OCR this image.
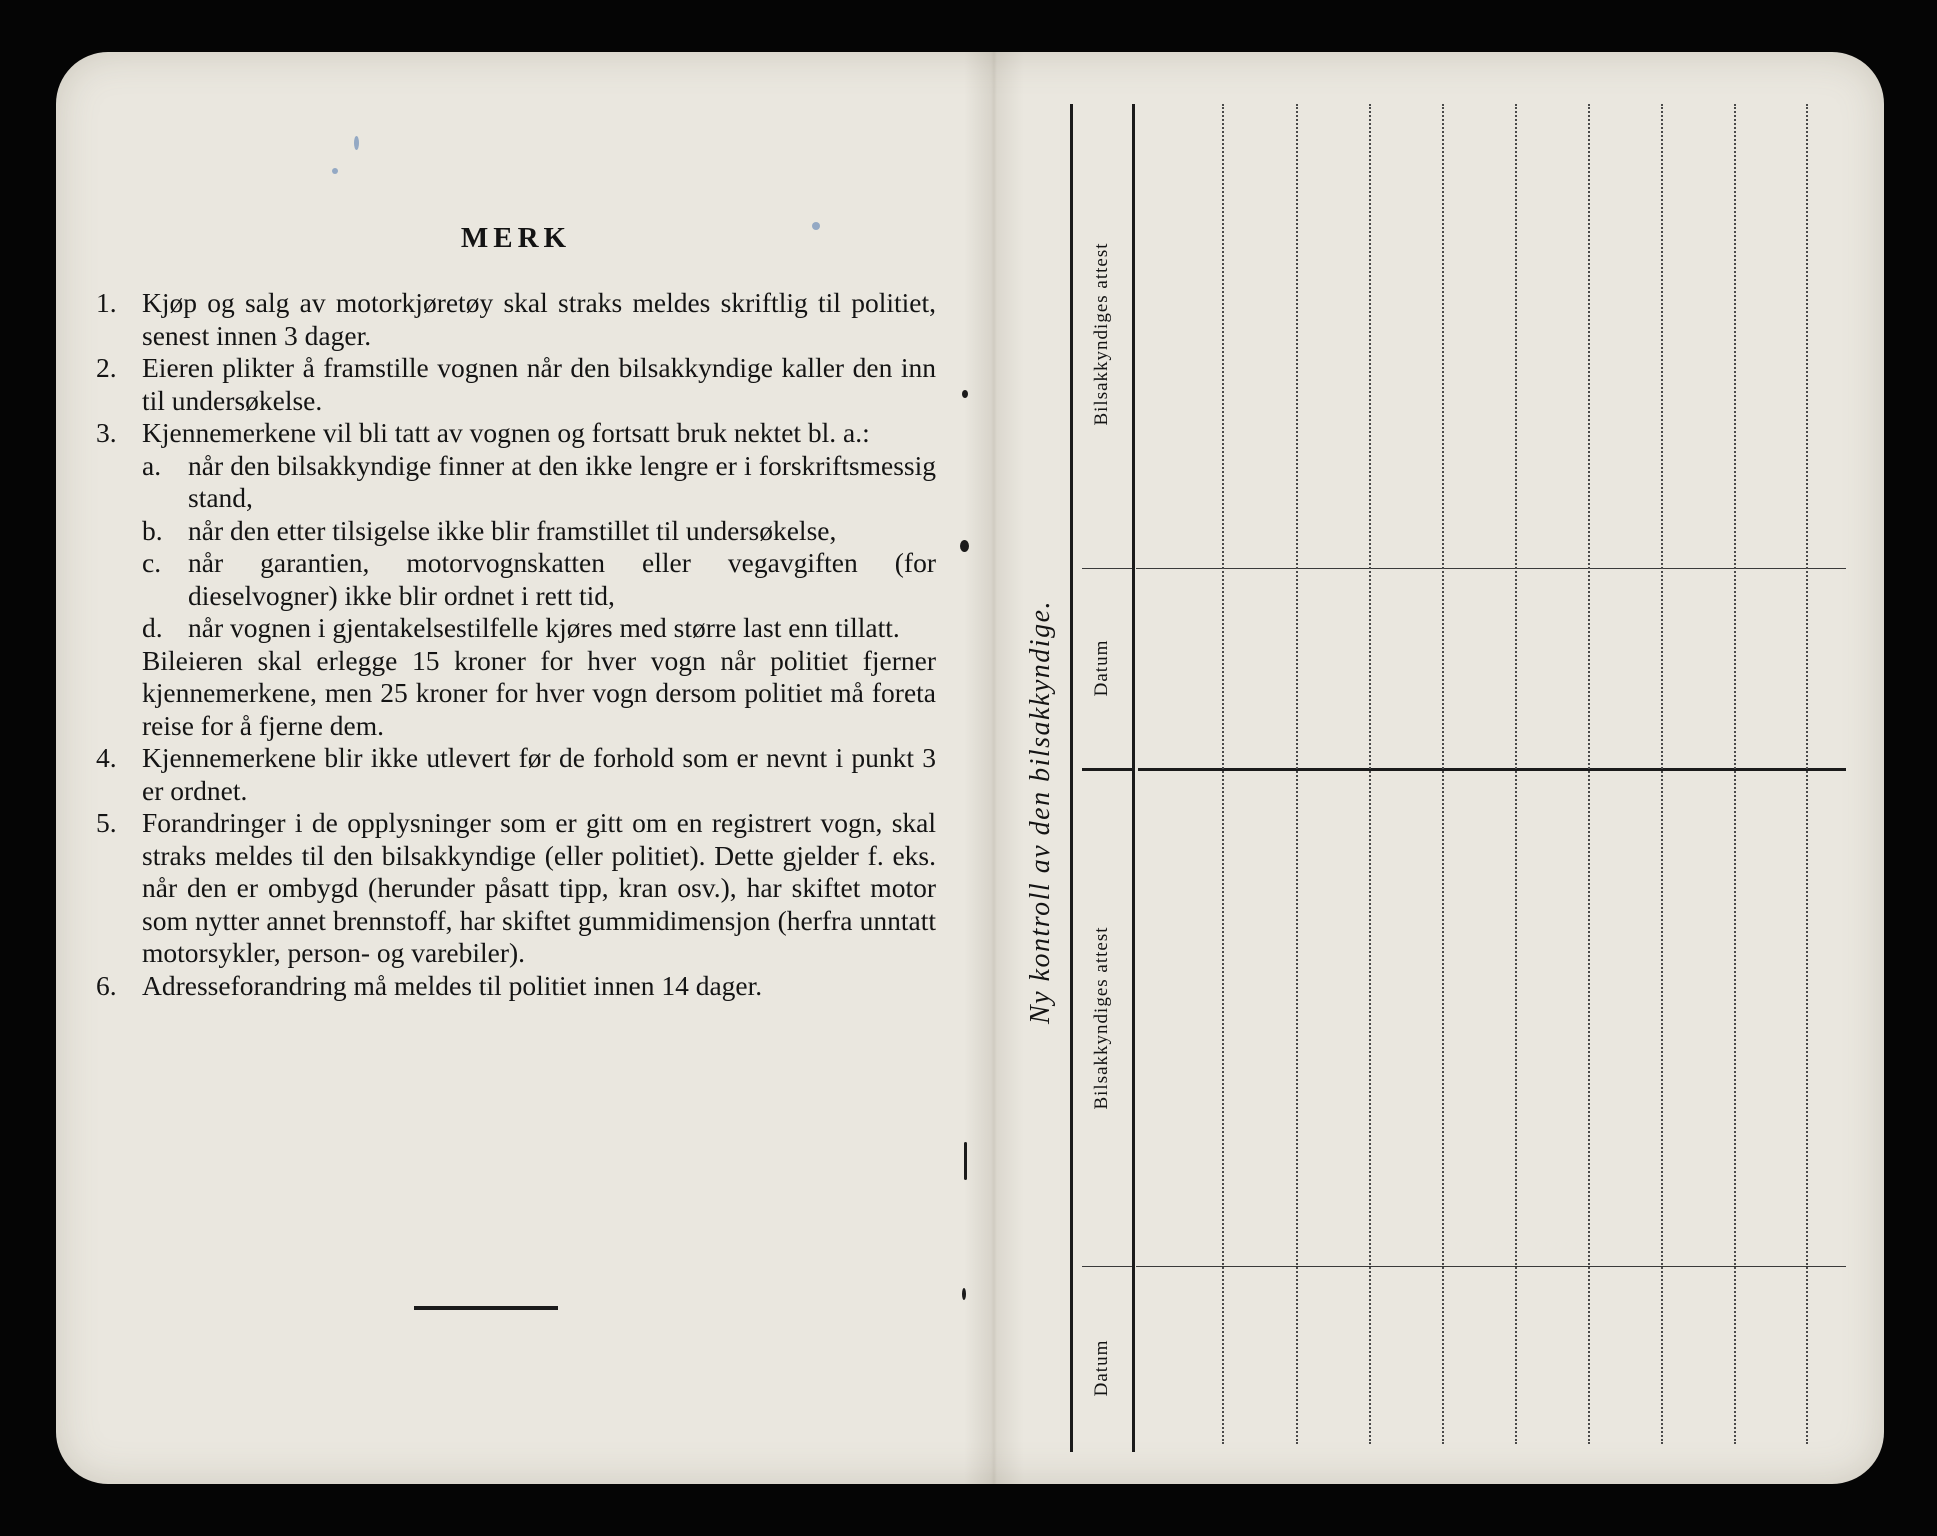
MERK
1. Kjøp og salg av motorkjøretøy skal straks meldes skriftlig til politiet, senest innen 3 dager.
2. Eieren plikter å framstille vognen når den bilsakkyndige kaller den inn til undersøkelse.
3. Kjennemerkene vil bli tatt av vognen og fortsatt bruk nektet bl. a.:
a. når den bilsakkyndige finner at den ikke lengre er i forskriftsmessig stand,
b. når den etter tilsigelse ikke blir framstillet til undersøkelse,
c. når garantien, motorvognskatten eller vegavgiften (for dieselvogner) ikke blir ordnet i rett tid,
d. når vognen i gjentakelsestilfelle kjøres med større last enn tillatt.
Bileieren skal erlegge 15 kroner for hver vogn når politiet fjerner kjennemerkene, men 25 kroner for hver vogn dersom politiet må foreta reise for å fjerne dem.
4. Kjennemerkene blir ikke utlevert før de forhold som er nevnt i punkt 3 er ordnet.
5. Forandringer i de opplysninger som er gitt om en registrert vogn, skal straks meldes til den bilsakkyndige (eller politiet). Dette gjelder f. eks. når den er ombygd (herunder påsatt tipp, kran osv.), har skiftet motor som nytter annet brennstoff, har skiftet gummidimensjon (herfra unntatt motorsykler, person- og varebiler).
6. Adresseforandring må meldes til politiet innen 14 dager.	Ny kontroll av den bilsakkyndige.
Bilsakkyndiges attest
Datum
Bilsakkyndiges attest
Datum
